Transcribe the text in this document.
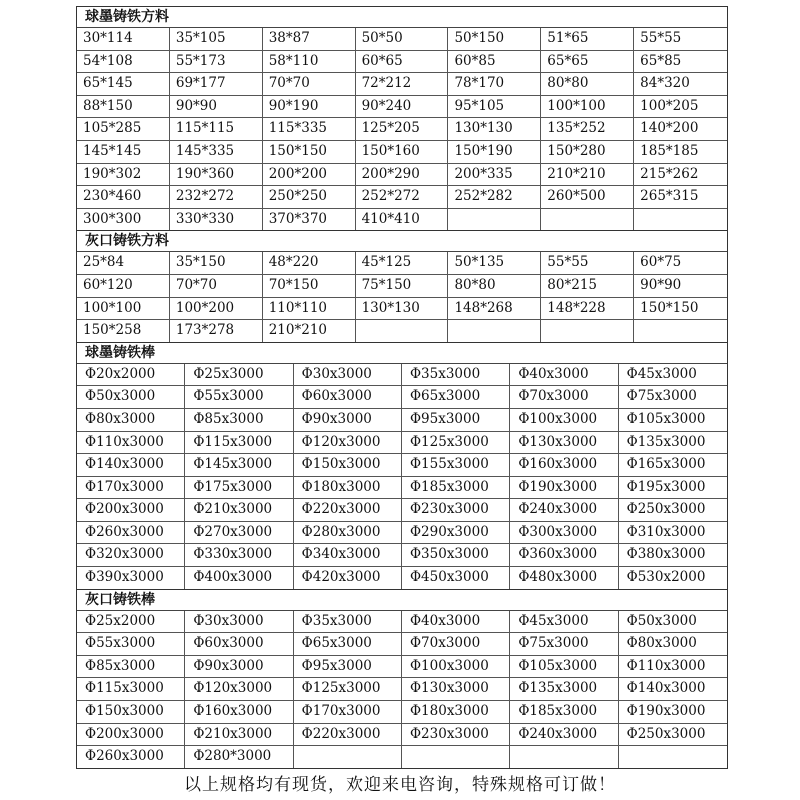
球墨铸铁方料
30*114	35*105	38*87	50*50	50*150	51*65	55*55
54*108	55*173	58*110	60*65	60*85	65*65	65*85
65*145	69*177	70*70	72*212	78*170	80*80	84*320
88*150	90*90	90*190	90*240	95*105	100*100	100*205
105*285	115*115	115*335	125*205	130*130	135*252	140*200
145*145	145*335	150*150	150*160	150*190	150*280	185*185
190*302	190*360	200*200	200*290	200*335	210*210	215*262
230*460	232*272	250*250	252*272	252*282	260*500	265*315
300*300	330*330	370*370	410*410
灰口铸铁方料
25*84	35*150	48*220	45*125	50*135	55*55	60*75
60*120	70*70	70*150	75*150	80*80	80*215	90*90
100*100	100*200	110*110	130*130	148*268	148*228	150*150
150*258	173*278	210*210
球墨铸铁棒
Φ20x2000	Φ25x3000	Φ30x3000	Φ35x3000	Φ40x3000	Φ45x3000
Φ50x3000	Φ55x3000	Φ60x3000	Φ65x3000	Φ70x3000	Φ75x3000
Φ80x3000	Φ85x3000	Φ90x3000	Φ95x3000	Φ100x3000	Φ105x3000
Φ110x3000	Φ115x3000	Φ120x3000	Φ125x3000	Φ130x3000	Φ135x3000
Φ140x3000	Φ145x3000	Φ150x3000	Φ155x3000	Φ160x3000	Φ165x3000
Φ170x3000	Φ175x3000	Φ180x3000	Φ185x3000	Φ190x3000	Φ195x3000
Φ200x3000	Φ210x3000	Φ220x3000	Φ230x3000	Φ240x3000	Φ250x3000
Φ260x3000	Φ270x3000	Φ280x3000	Φ290x3000	Φ300x3000	Φ310x3000
Φ320x3000	Φ330x3000	Φ340x3000	Φ350x3000	Φ360x3000	Φ380x3000
Φ390x3000	Φ400x3000	Φ420x3000	Φ450x3000	Φ480x3000	Φ530x2000
灰口铸铁棒
Φ25x2000	Φ30x3000	Φ35x3000	Φ40x3000	Φ45x3000	Φ50x3000
Φ55x3000	Φ60x3000	Φ65x3000	Φ70x3000	Φ75x3000	Φ80x3000
Φ85x3000	Φ90x3000	Φ95x3000	Φ100x3000	Φ105x3000	Φ110x3000
Φ115x3000	Φ120x3000	Φ125x3000	Φ130x3000	Φ135x3000	Φ140x3000
Φ150x3000	Φ160x3000	Φ170x3000	Φ180x3000	Φ185x3000	Φ190x3000
Φ200x3000	Φ210x3000	Φ220x3000	Φ230x3000	Φ240x3000	Φ250x3000
Φ260x3000	Φ280*3000
以上规格均有现货，欢迎来电咨询，特殊规格可订做！
